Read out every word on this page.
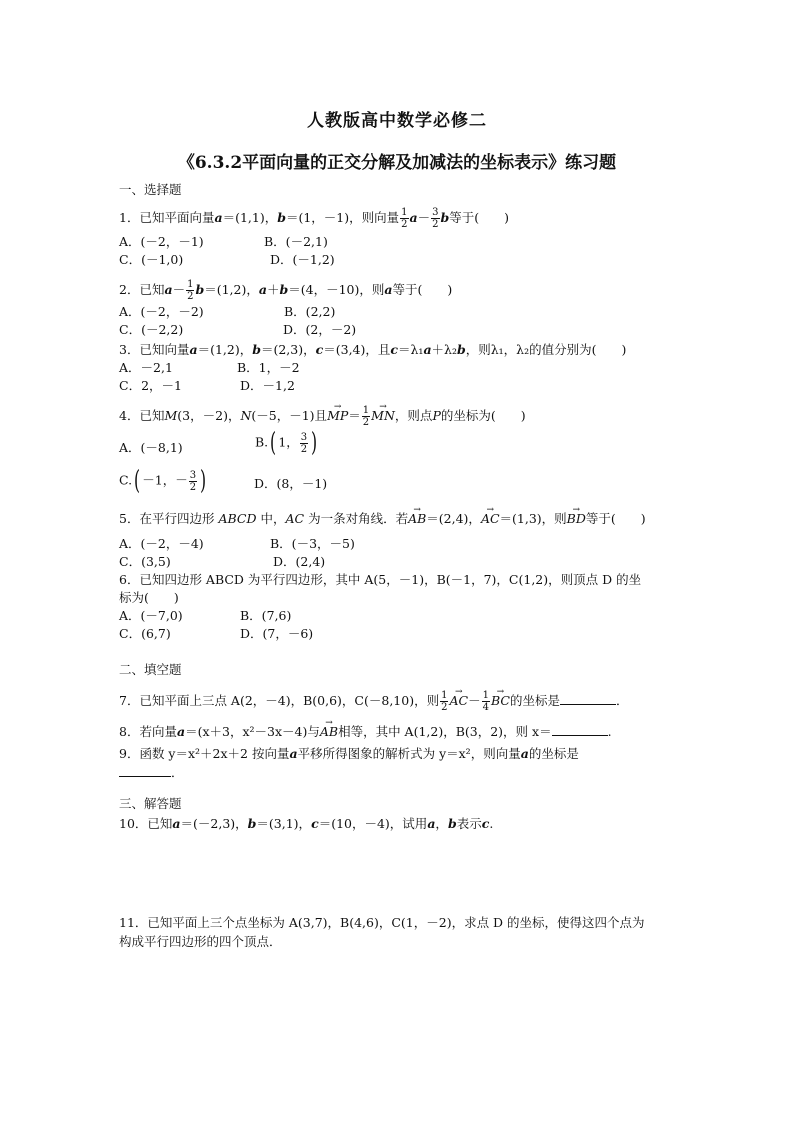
人教版高中数学必修二
《6.3.2平面向量的正交分解及加减法的坐标表示》练习题
一、选择题
1．已知平面向量a＝(1,1)，b＝(1，－1)，则向量 $\frac{1}{2} a- \frac{3}{2}$ b等于(　　)
A．(－2，－1)	B．(－2,1)
C．(－1,0)	D．(－1,2)
2．已知$a- \frac{1}{2} b=(1,2)$，a＋b＝(4，－10)，则a等于(　　)
A．(－2，－2)	B．(2,2)
C．(－2,2)	D．(2，－2)
3．已知向量a＝(1,2)，b＝(2,3)，c＝(3,4)，且c＝λ₁a＋λ₂b，则λ₁，λ₂的值分别为(　　)
A．－2,1	B．1，－2
C．2，－1	D．－1,2
4．已知M(3，－2)，N(－5，－1)且→ $MP= \frac{1}{2}$
→ MN，则点P的坐标为(　　)
A．(－8,1)	B.( 1， $\frac{3}{2}$ )
C.( －1，－ $\frac{3}{2}$ )	D．(8，－1)
5．在平行四边形 ABCD 中，AC 为一条对角线．若→ AB＝(2,4)，→ AC＝(1,3)，则→ BD等于(　　)
A．(－2，－4)	B．(－3，－5)
C．(3,5)	D．(2,4)
6．已知四边形 ABCD 为平行四边形，其中 A(5，－1)，B(－1，7)，C(1,2)，则顶点 D 的坐
标为(　　)
A．(－7,0)	B．(7,6)
C．(6,7)	D．(7，－6)
二、填空题
7．已知平面上三点 A(2，－4)，B(0,6)，C(－8,10)，则 $\frac{1}{2}$
→ $AC- \frac{1}{4}$
→ BC的坐标是	．
8．若向量a＝(x＋3，x²－3x－4)与→ AB相等，其中 A(1,2)，B(3，2)，则 x＝	.
9．函数 y＝x²＋2x＋2 按向量a平移所得图象的解析式为 y＝x²，则向量a的坐标是
．
三、解答题
10．已知a＝(－2,3)，b＝(3,1)，c＝(10，－4)，试用a，b表示c.
11．已知平面上三个点坐标为 A(3,7)，B(4,6)，C(1，－2)，求点 D 的坐标，使得这四个点为
构成平行四边形的四个顶点．
